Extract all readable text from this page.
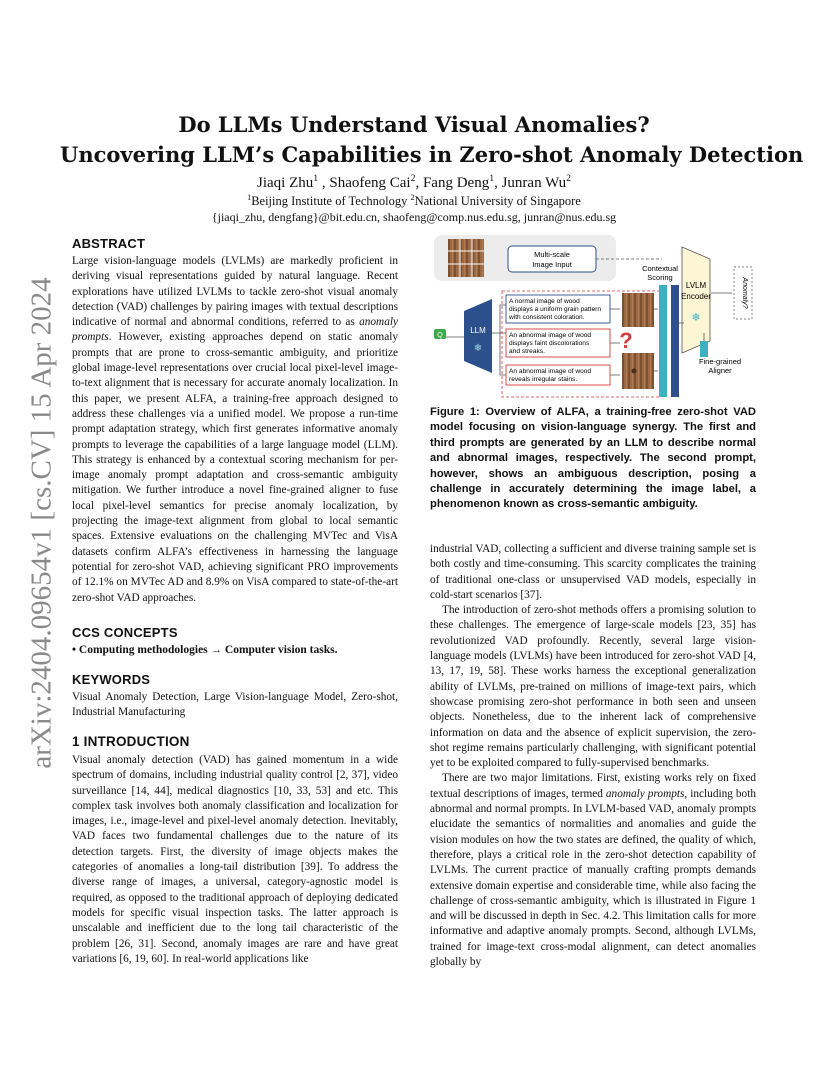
arXiv:2404.09654v1 [cs.CV] 15 Apr 2024
Do LLMs Understand Visual Anomalies?
Uncovering LLM’s Capabilities in Zero-shot Anomaly Detection
Jiaqi Zhu$^1$ , Shaofeng Cai$^2$, Fang Deng$^1$, Junran Wu$^2$
$^1$Beijing Institute of Technology $^2$National University of Singapore
{jiaqi_zhu, dengfang}@bit.edu.cn, shaofeng@comp.nus.edu.sg, junran@nus.edu.sg
ABSTRACT

Large vision-language models (LVLMs) are markedly proficient in deriving visual representations guided by natural language. Recent explorations have utilized LVLMs to tackle zero-shot visual anomaly detection (VAD) challenges by pairing images with textual descriptions indicative of normal and abnormal conditions, referred to as anomaly prompts. However, existing approaches depend on static anomaly prompts that are prone to cross-semantic ambiguity, and prioritize global image-level representations over crucial local pixel-level image-to-text alignment that is necessary for accurate anomaly localization. In this paper, we present ALFA, a training-free approach designed to address these challenges via a unified model. We propose a run-time prompt adaptation strategy, which first generates informative anomaly prompts to leverage the capabilities of a large language model (LLM). This strategy is enhanced by a contextual scoring mechanism for per-image anomaly prompt adaptation and cross-semantic ambiguity mitigation. We further introduce a novel fine-grained aligner to fuse local pixel-level semantics for precise anomaly localization, by projecting the image-text alignment from global to local semantic spaces. Extensive evaluations on the challenging MVTec and VisA datasets confirm ALFA’s effectiveness in harnessing the language potential for zero-shot VAD, achieving significant PRO improvements of 12.1% on MVTec AD and 8.9% on VisA compared to state-of-the-art zero-shot VAD approaches.

CCS CONCEPTS
• Computing methodologies → Computer vision tasks.
KEYWORDS

Visual Anomaly Detection, Large Vision-language Model, Zero-shot, Industrial Manufacturing

1 INTRODUCTION

Visual anomaly detection (VAD) has gained momentum in a wide spectrum of domains, including industrial quality control [2, 37], video surveillance [14, 44], medical diagnostics [10, 33, 53] and etc. This complex task involves both anomaly classification and localization for images, i.e., image-level and pixel-level anomaly detection. Inevitably, VAD faces two fundamental challenges due to the nature of its detection targets. First, the diversity of image objects makes the categories of anomalies a long-tail distribution [39]. To address the diverse range of images, a universal, category-agnostic model is required, as opposed to the traditional approach of deploying dedicated models for specific visual inspection tasks. The latter approach is unscalable and inefficient due to the long tail characteristic of the problem [26, 31]. Second, anomaly images are rare and have great variations [6, 19, 60]. In real-world applications like

Multi-scale
Image Input	Contextual
Scoring
LVLM
Encoder
❄
Anomaly?
Q
LLM
❄
A normal image of wood displays a uniform grain pattern with consistent coloration.
An abnormal image of wood displays faint discolorations and streaks.
An abnormal image of wood reveals irregular stains.
?
Fine-grained
Aligner
Figure 1: Overview of ALFA, a training-free zero-shot VAD model focusing on vision-language synergy. The first and third prompts are generated by an LLM to describe normal and abnormal images, respectively. The second prompt, however, shows an ambiguous description, posing a challenge in accurately determining the image label, a phenomenon known as cross-semantic ambiguity.

industrial VAD, collecting a sufficient and diverse training sample set is both costly and time-consuming. This scarcity complicates the training of traditional one-class or unsupervised VAD models, especially in cold-start scenarios [37].

The introduction of zero-shot methods offers a promising solution to these challenges. The emergence of large-scale models [23, 35] has revolutionized VAD profoundly. Recently, several large vision-language models (LVLMs) have been introduced for zero-shot VAD [4, 13, 17, 19, 58]. These works harness the exceptional generalization ability of LVLMs, pre-trained on millions of image-text pairs, which showcase promising zero-shot performance in both seen and unseen objects. Nonetheless, due to the inherent lack of comprehensive information on data and the absence of explicit supervision, the zero-shot regime remains particularly challenging, with significant potential yet to be exploited compared to fully-supervised benchmarks.

There are two major limitations. First, existing works rely on fixed textual descriptions of images, termed anomaly prompts, including both abnormal and normal prompts. In LVLM-based VAD, anomaly prompts elucidate the semantics of normalities and anomalies and guide the vision modules on how the two states are defined, the quality of which, therefore, plays a critical role in the zero-shot detection capability of LVLMs. The current practice of manually crafting prompts demands extensive domain expertise and considerable time, while also facing the challenge of cross-semantic ambiguity, which is illustrated in Figure 1 and will be discussed in depth in Sec. 4.2. This limitation calls for more informative and adaptive anomaly prompts. Second, although LVLMs, trained for image-text cross-modal alignment, can detect anomalies globally by
